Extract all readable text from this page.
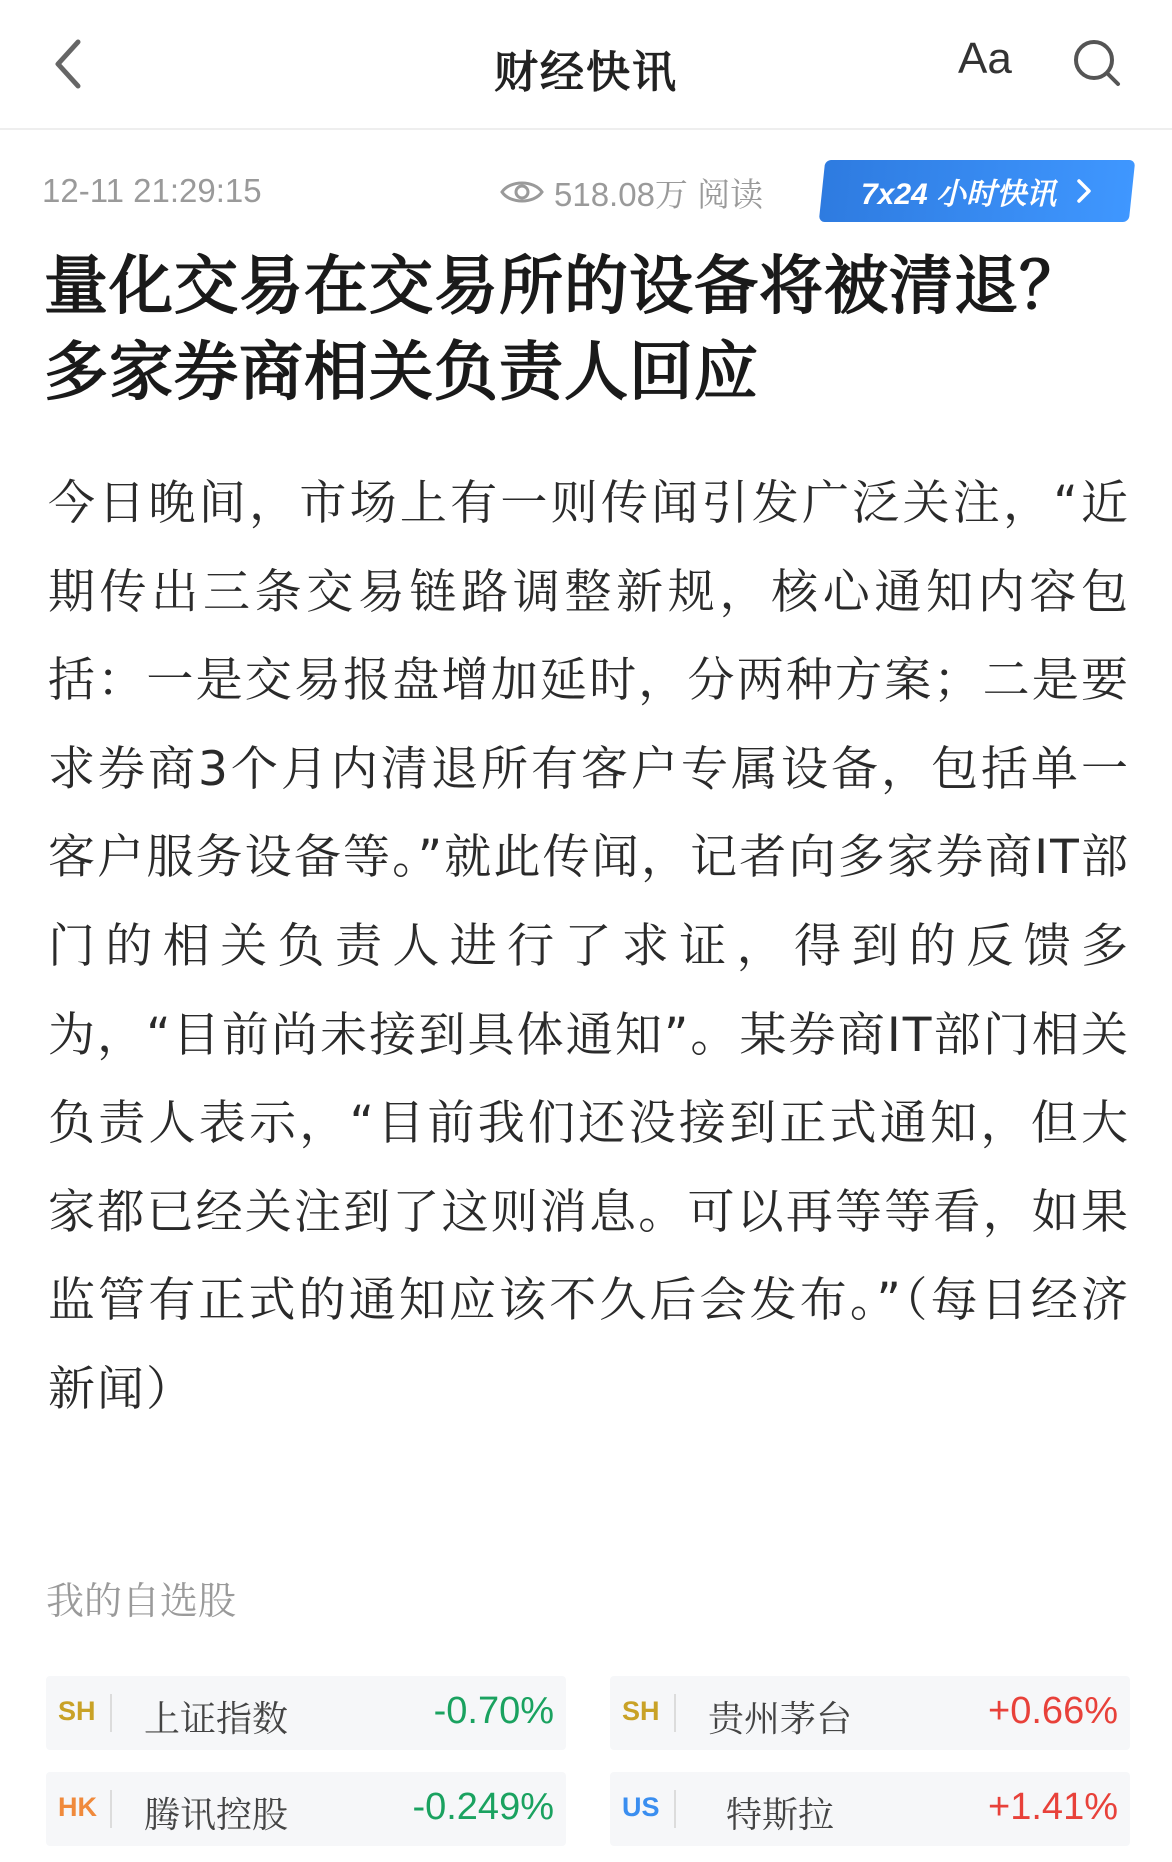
财经快讯	Aa
12-11 21:29:15	518.08万 阅读	7x24 小时快讯
量化交易在交易所的设备将被清退？多家券商相关负责人回应
今日晚间，市场上有一则传闻引发广泛关注，“近期传出三条交易链路调整新规，核心通知内容包括：一是交易报盘增加延时，分两种方案；二是要求券商3个月内清退所有客户专属设备，包括单一客户服务设备等。”就此传闻，记者向多家券商IT部门的相关负责人进行了求证，得到的反馈多为，“目前尚未接到具体通知”。某券商IT部门相关负责人表示，“目前我们还没接到正式通知，但大家都已经关注到了这则消息。可以再等等看，如果监管有正式的通知应该不久后会发布。”（每日经济新闻）
我的自选股
SH	上证指数	-0.70%	SH	贵州茅台	+0.66%
HK	腾讯控股	-0.249%	US	特斯拉	+1.41%
